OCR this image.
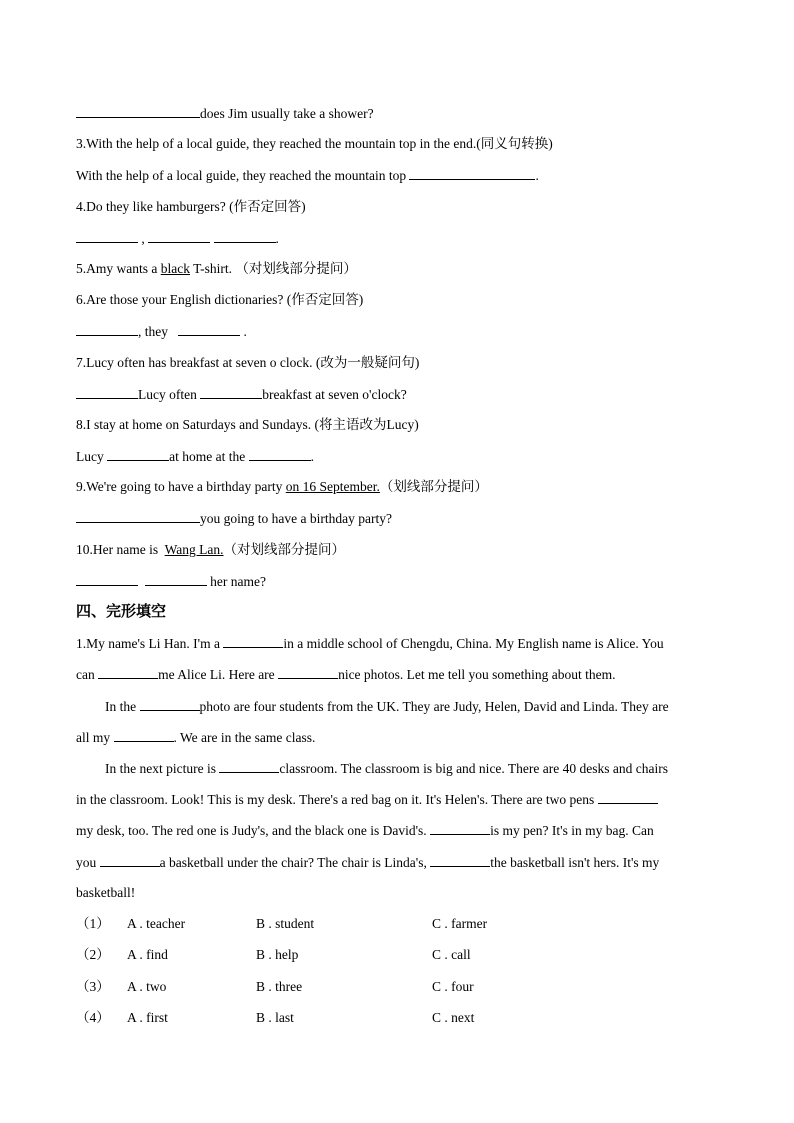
does Jim usually take a shower?
3.With the help of a local guide, they reached the mountain top in the end.(同义句转换)
With the help of a local guide, they reached the mountain top	.
4.Do they like hamburgers? (作否定回答)
,	.
5.Amy wants a black T-shirt. （对划线部分提问）
6.Are those your English dictionaries? (作否定回答)
, they	.
7.Lucy often has breakfast at seven o clock. (改为一般疑问句)
Lucy often	breakfast at seven o'clock?
8.I stay at home on Saturdays and Sundays. (将主语改为Lucy)
Lucy	at home at the	.
9.We're going to have a birthday party on 16 September.（划线部分提问）
you going to have a birthday party?
10.Her name is Wang Lan.（对划线部分提问）
her name?
四、完形填空
1.My name's Li Han. I'm a	in a middle school of Chengdu, China. My English name is Alice. You
can	me Alice Li. Here are	nice photos. Let me tell you something about them.
In the	photo are four students from the UK. They are Judy, Helen, David and Linda. They are
all my	. We are in the same class.
In the next picture is	classroom. The classroom is big and nice. There are 40 desks and chairs
in the classroom. Look! This is my desk. There's a red bag on it. It's Helen's. There are two pens
my desk, too. The red one is Judy's, and the black one is David's.	is my pen? It's in my bag. Can
you	a basketball under the chair? The chair is Linda's,	the basketball isn't hers. It's my
basketball!
（1） A . teacher	B . student	C . farmer
（2） A . find	B . help	C . call
（3） A . two	B . three	C . four
（4） A . first	B . last	C . next
